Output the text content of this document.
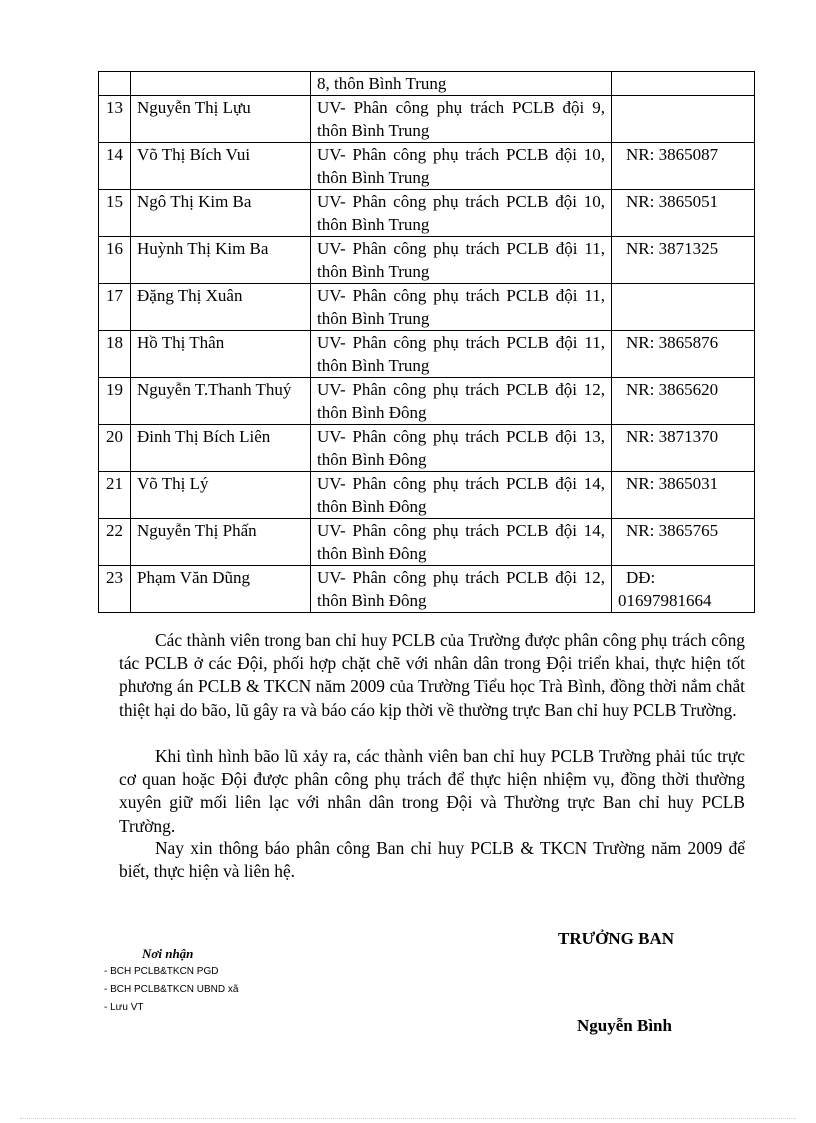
		8, thôn Bình Trung	

13	Nguyễn Thị Lựu	UV- Phân công phụ trách PCLB đội 9, thôn Bình Trung	

14	Võ Thị Bích Vui	UV- Phân công phụ trách PCLB đội 10, thôn Bình Trung	NR: 3865087

15	Ngô Thị Kim Ba	UV- Phân công phụ trách PCLB đội 10, thôn Bình Trung	NR: 3865051

16	Huỳnh Thị Kim Ba	UV- Phân công phụ trách PCLB đội 11, thôn Bình Trung	NR: 3871325

17	Đặng Thị Xuân	UV- Phân công phụ trách PCLB đội 11, thôn Bình Trung	

18	Hồ Thị Thân	UV- Phân công phụ trách PCLB đội 11, thôn Bình Trung	NR: 3865876

19	Nguyễn T.Thanh Thuý	UV- Phân công phụ trách PCLB đội 12, thôn Bình Đông	NR: 3865620

20	Đinh Thị Bích Liên	UV- Phân công phụ trách PCLB đội 13, thôn Bình Đông	NR: 3871370

21	Võ Thị Lý	UV- Phân công phụ trách PCLB đội 14, thôn Bình Đông	NR: 3865031

22	Nguyễn Thị Phấn	UV- Phân công phụ trách PCLB đội 14, thôn Bình Đông	NR: 3865765

23	Phạm Văn Dũng	UV- Phân công phụ trách PCLB đội 12, thôn Bình Đông	DĐ:
01697981664

Các thành viên trong ban chỉ huy PCLB của Trường được phân công phụ trách công tác PCLB ở các Đội, phối hợp chặt chẽ với nhân dân trong Đội triển khai, thực hiện tốt phương án PCLB & TKCN năm 2009 của Trường Tiểu học Trà Bình, đồng thời nắm chắt thiệt hại do bão, lũ gây ra và báo cáo kịp thời về thường trực Ban chỉ huy PCLB Trường.

Khi tình hình bão lũ xảy ra, các thành viên ban chỉ huy PCLB Trường phải túc trực cơ quan hoặc Đội được phân công phụ trách để thực hiện nhiệm vụ, đồng thời thường xuyên giữ mối liên lạc với nhân dân trong Đội và Thường trực Ban chỉ huy PCLB Trường.

Nay xin thông báo phân công Ban chỉ huy PCLB & TKCN Trường năm 2009 để biết, thực hiện và liên hệ.

TRƯỞNG BAN
Nguyễn Bình
Nơi nhận
- BCH PCLB&TKCN PGD
- BCH PCLB&TKCN UBND xã
- Lưu VT
